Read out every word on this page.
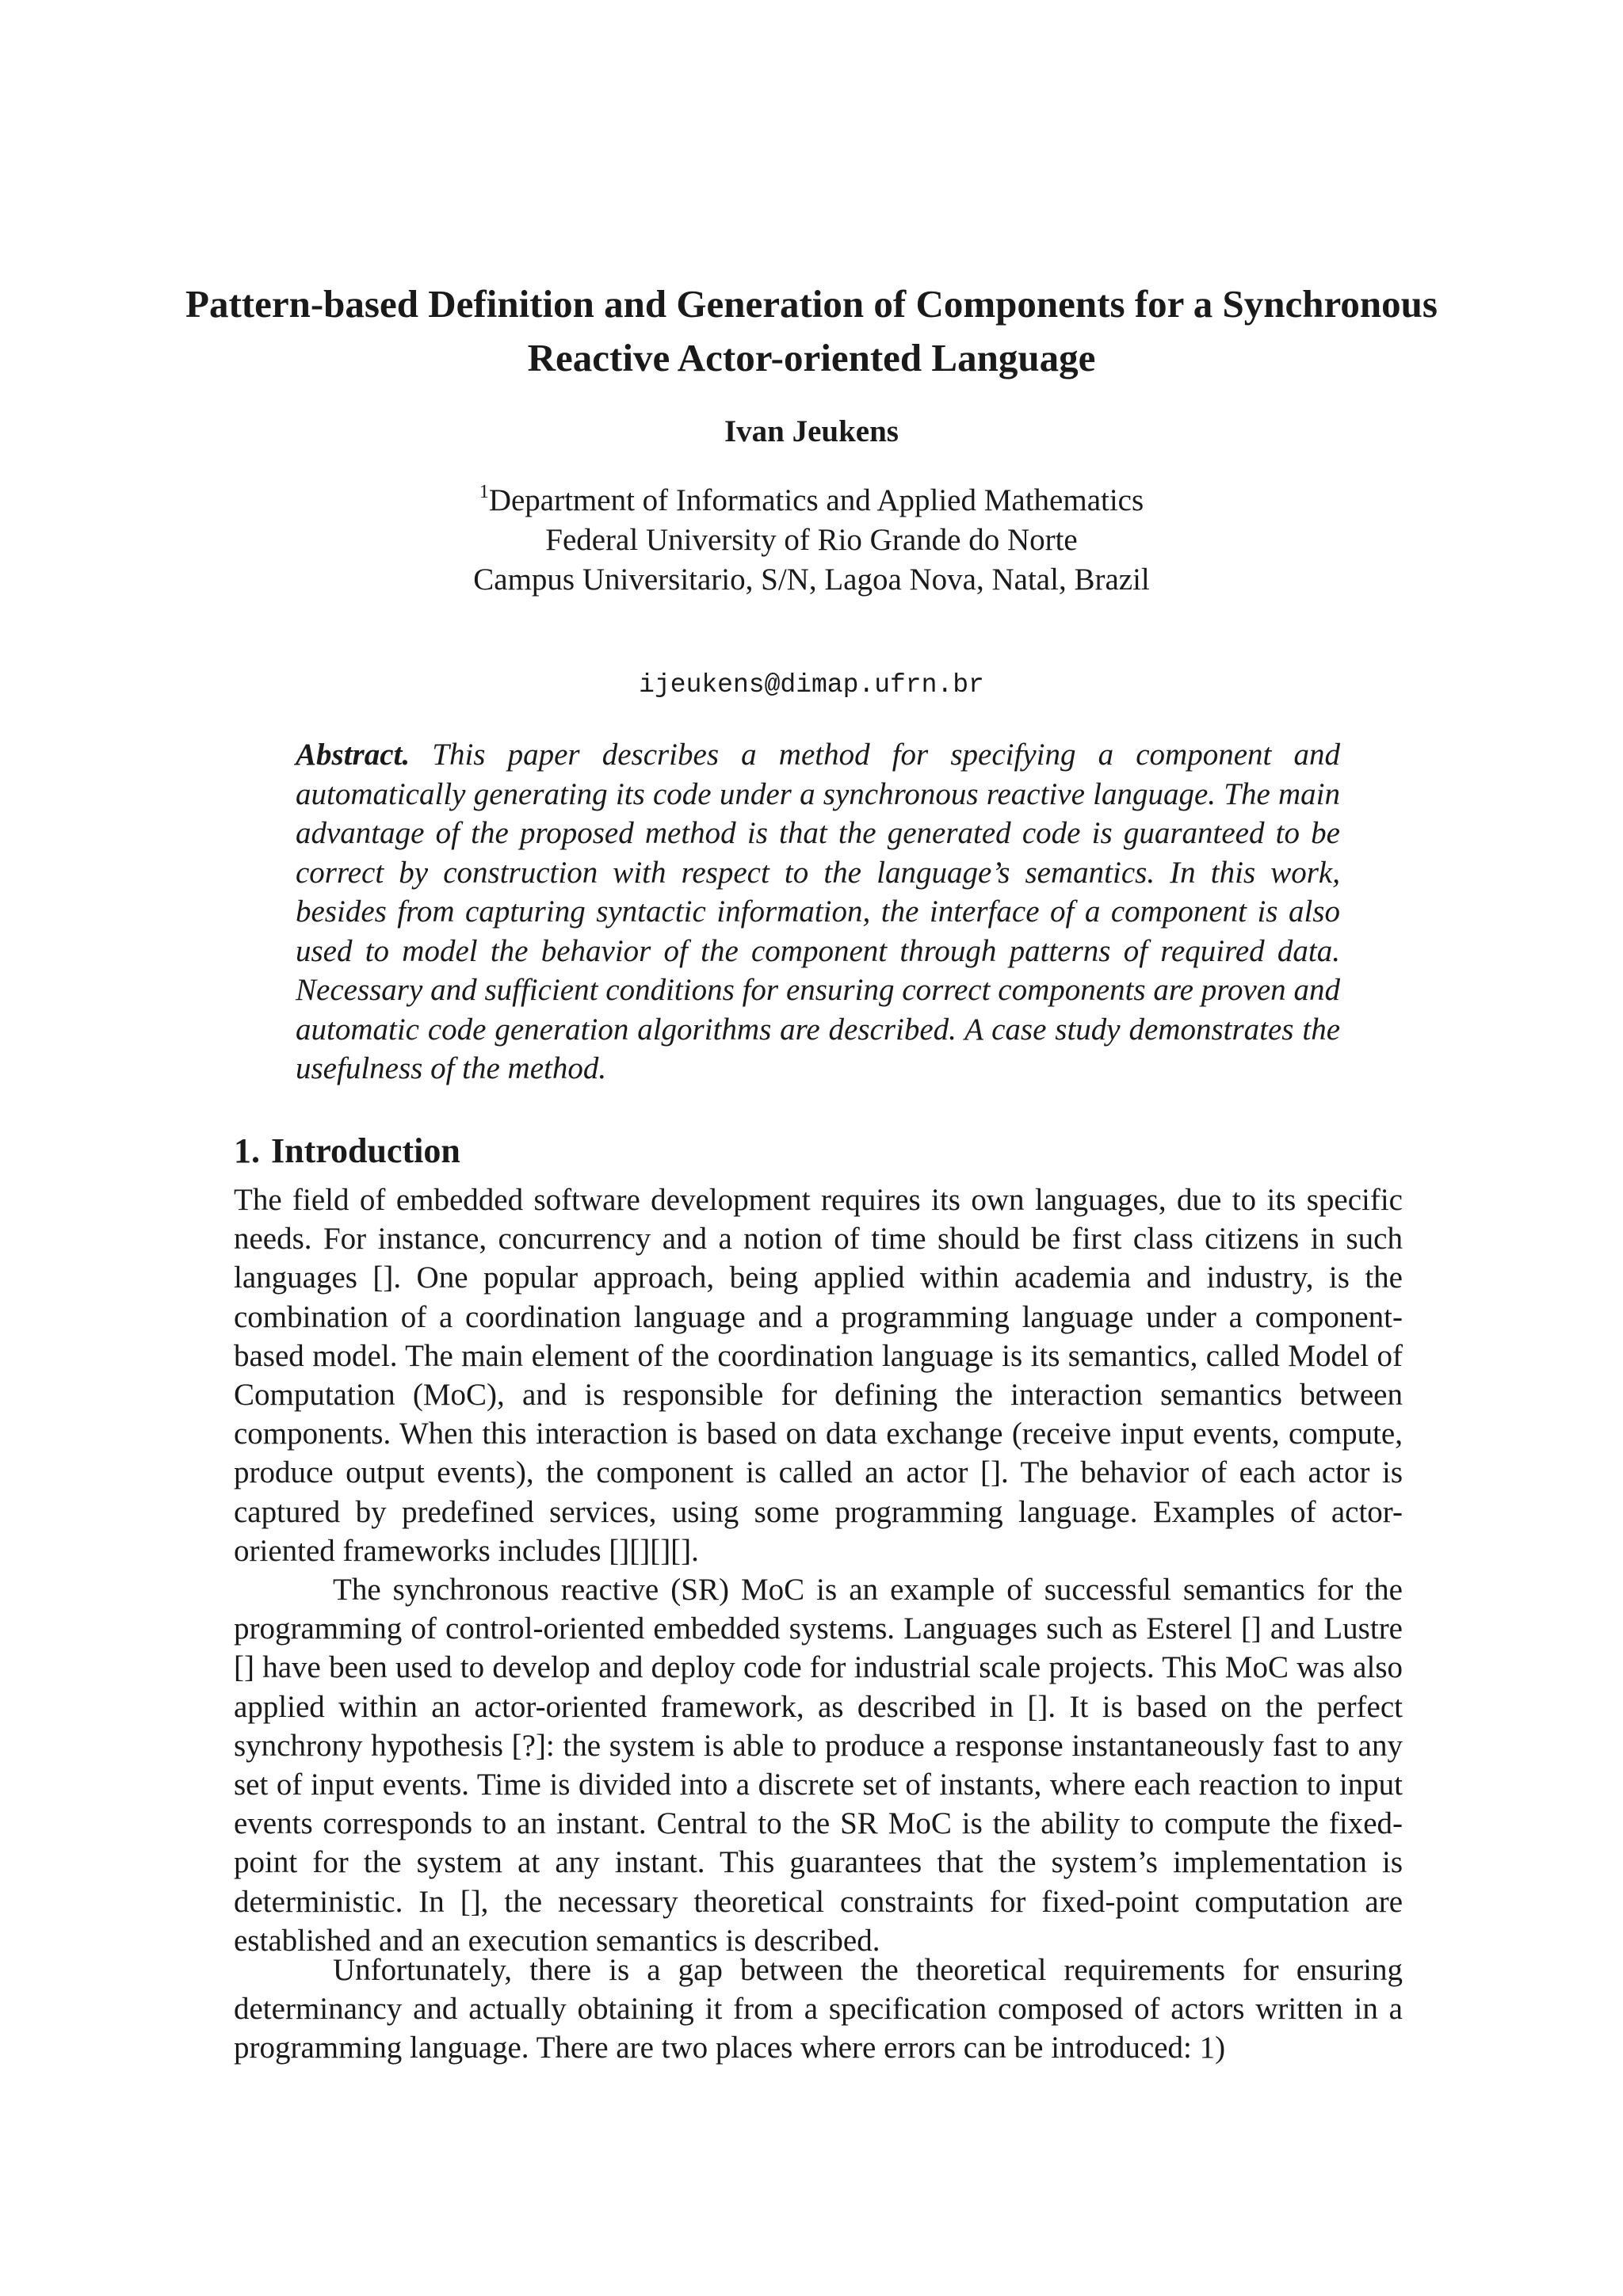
Pattern-based Definition and Generation of Components for a Synchronous Reactive Actor-oriented Language

Ivan Jeukens

$^1$Department of Informatics and Applied Mathematics
Federal University of Rio Grande do Norte
Campus Universitario, S/N, Lagoa Nova, Natal, Brazil

ijeukens@dimap.ufrn.br

Abstract. This paper describes a method for specifying a component and automatically generating its code under a synchronous reactive language. The main advantage of the proposed method is that the generated code is guaranteed to be correct by construction with respect to the language’s semantics. In this work, besides from capturing syntactic information, the interface of a component is also used to model the behavior of the component through patterns of required data. Necessary and sufficient conditions for ensuring correct components are proven and automatic code generation algorithms are described. A case study demonstrates the usefulness of the method.

1. Introduction

The field of embedded software development requires its own languages, due to its specific needs. For instance, concurrency and a notion of time should be first class citizens in such languages []. One popular approach, being applied within academia and industry, is the combination of a coordination language and a programming language under a component-based model. The main element of the coordination language is its semantics, called Model of Computation (MoC), and is responsible for defining the interaction semantics between components. When this interaction is based on data exchange (receive input events, compute, produce output events), the component is called an actor []. The behavior of each actor is captured by predefined services, using some programming language. Examples of actor-oriented frameworks includes [][][][].

The synchronous reactive (SR) MoC is an example of successful semantics for the programming of control-oriented embedded systems. Languages such as Esterel [] and Lustre [] have been used to develop and deploy code for industrial scale projects. This MoC was also applied within an actor-oriented framework, as described in []. It is based on the perfect synchrony hypothesis [?]: the system is able to produce a response instantaneously fast to any set of input events. Time is divided into a discrete set of instants, where each reaction to input events corresponds to an instant. Central to the SR MoC is the ability to compute the fixed-point for the system at any instant. This guarantees that the system’s implementation is deterministic. In [], the necessary theoretical constraints for fixed-point computation are established and an execution semantics is described.

Unfortunately, there is a gap between the theoretical requirements for ensuring determinancy and actually obtaining it from a specification composed of actors written in a programming language. There are two places where errors can be introduced: 1)
